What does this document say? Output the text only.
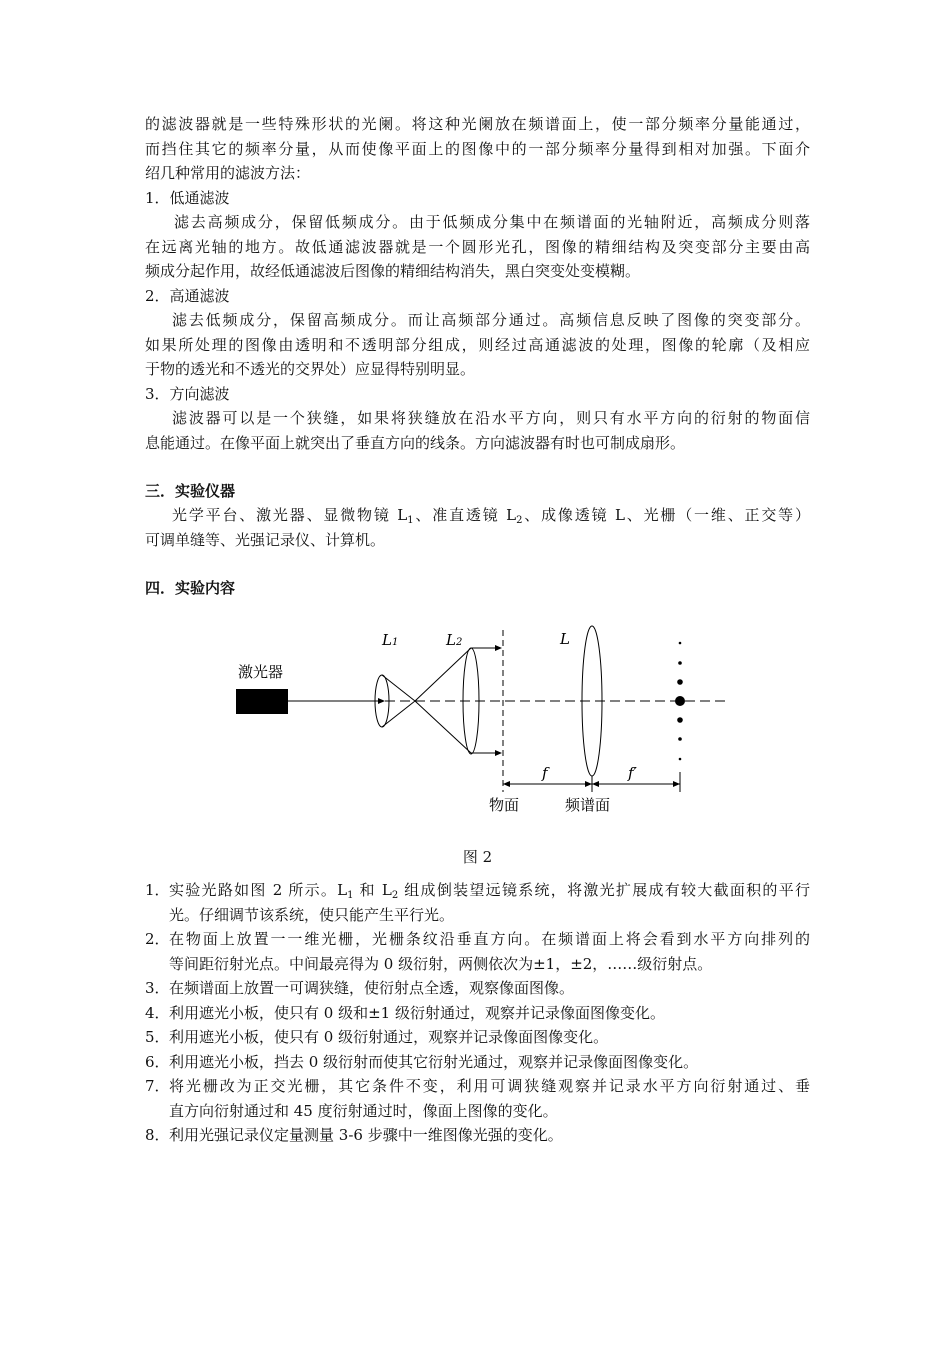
的滤波器就是一些特殊形状的光阑。将这种光阑放在频谱面上，使一部分频率分量能通过，
而挡住其它的频率分量，从而使像平面上的图像中的一部分频率分量得到相对加强。下面介
绍几种常用的滤波方法：
1．低通滤波
滤去高频成分，保留低频成分。由于低频成分集中在频谱面的光轴附近，高频成分则落
在远离光轴的地方。故低通滤波器就是一个圆形光孔，图像的精细结构及突变部分主要由高
频成分起作用，故经低通滤波后图像的精细结构消失，黑白突变处变模糊。
2．高通滤波
滤去低频成分，保留高频成分。而让高频部分通过。高频信息反映了图像的突变部分。
如果所处理的图像由透明和不透明部分组成，则经过高通滤波的处理，图像的轮廓（及相应
于物的透光和不透光的交界处）应显得特别明显。
3．方向滤波
滤波器可以是一个狭缝，如果将狭缝放在沿水平方向，则只有水平方向的衍射的物面信
息能通过。在像平面上就突出了垂直方向的线条。方向滤波器有时也可制成扇形。
三．实验仪器
光学平台、激光器、显微物镜 $L_1$、准直透镜 $L_2$、成像透镜 L、光栅（一维、正交等）
可调单缝等、光强记录仪、计算机。
四．实验内容
L1	L2	L
激光器
f	f′
物面	频谱面
图 2
1． 实验光路如图 2 所示。$L_1$ 和 $L_2$ 组成倒装望远镜系统，将激光扩展成有较大截面积的平行
光。仔细调节该系统，使只能产生平行光。
2． 在物面上放置一一维光栅，光栅条纹沿垂直方向。在频谱面上将会看到水平方向排列的
等间距衍射光点。中间最亮得为 0 级衍射，两侧依次为±1，±2，……级衍射点。
3． 在频谱面上放置一可调狭缝，使衍射点全透，观察像面图像。
4． 利用遮光小板，使只有 0 级和±1 级衍射通过，观察并记录像面图像变化。
5． 利用遮光小板，使只有 0 级衍射通过，观察并记录像面图像变化。
6． 利用遮光小板，挡去 0 级衍射而使其它衍射光通过，观察并记录像面图像变化。
7． 将光栅改为正交光栅，其它条件不变，利用可调狭缝观察并记录水平方向衍射通过、垂
直方向衍射通过和 45 度衍射通过时，像面上图像的变化。
8． 利用光强记录仪定量测量 3-6 步骤中一维图像光强的变化。
